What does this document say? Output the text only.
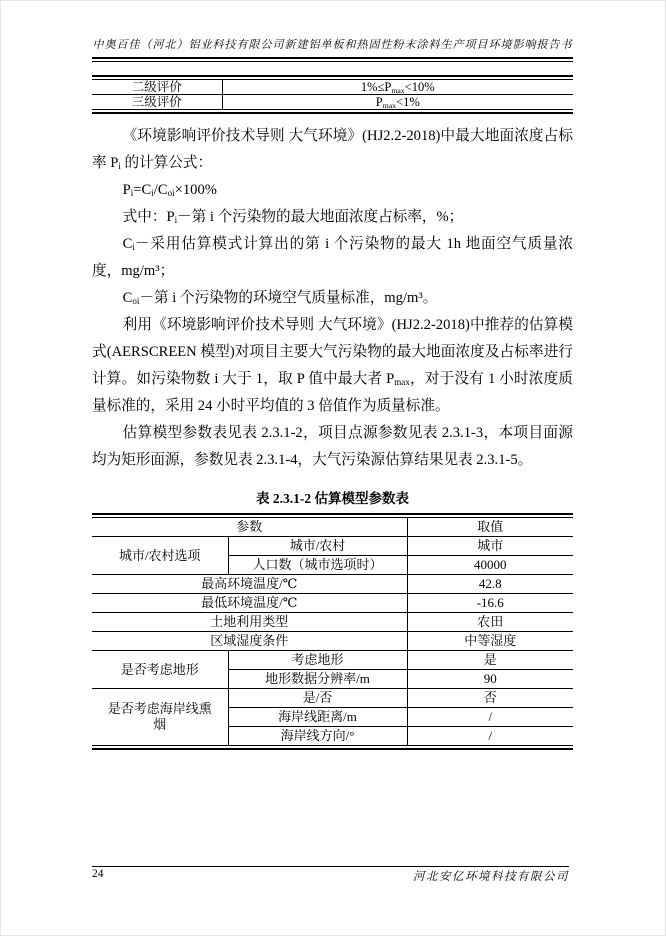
中奥百佳（河北）铝业科技有限公司新建铝单板和热固性粉末涂料生产项目环境影响报告书
二级评价	$1\%\le P_{max}<10\%$
三级评价	$P_{max}<1\%$

《环境影响评价技术导则 大气环境》(HJ2.2-2018)中最大地面浓度占标率 $P_i$ 的计算公式：

$P_i=C_i/C_{oi}\times 100\%$

式中：$P_i-$第 i 个污染物的最大地面浓度占标率，%；

$C_i-$采用估算模式计算出的第 i 个污染物的最大 1h 地面空气质量浓度，mg/m³；

$C_{oi}-$第 i 个污染物的环境空气质量标准，mg/m³。

利用《环境影响评价技术导则 大气环境》(HJ2.2-2018)中推荐的估算模式(AERSCREEN 模型)对项目主要大气污染物的最大地面浓度及占标率进行计算。如污染物数 i 大于 1，取 P 值中最大者 $P_{max}$，对于没有 1 小时浓度质量标准的，采用 24 小时平均值的 3 倍值作为质量标准。

估算模型参数表见表 2.3.1-2，项目点源参数见表 2.3.1-3，本项目面源均为矩形面源，参数见表 2.3.1-4，大气污染源估算结果见表 2.3.1-5。

表 2.3.1-2 估算模型参数表
参数		取值
城市/农村选项	城市/农村	城市
	人口数（城市选项时）	40000
最高环境温度/℃		42.8
最低环境温度/℃		-16.6
土地利用类型		农田
区域湿度条件		中等湿度
是否考虑地形	考虑地形	是
	地形数据分辨率/m	90
是否考虑海岸线熏烟	是/否	否
	海岸线距离/m	/
	海岸线方向/°	/
24	河北安亿环境科技有限公司
